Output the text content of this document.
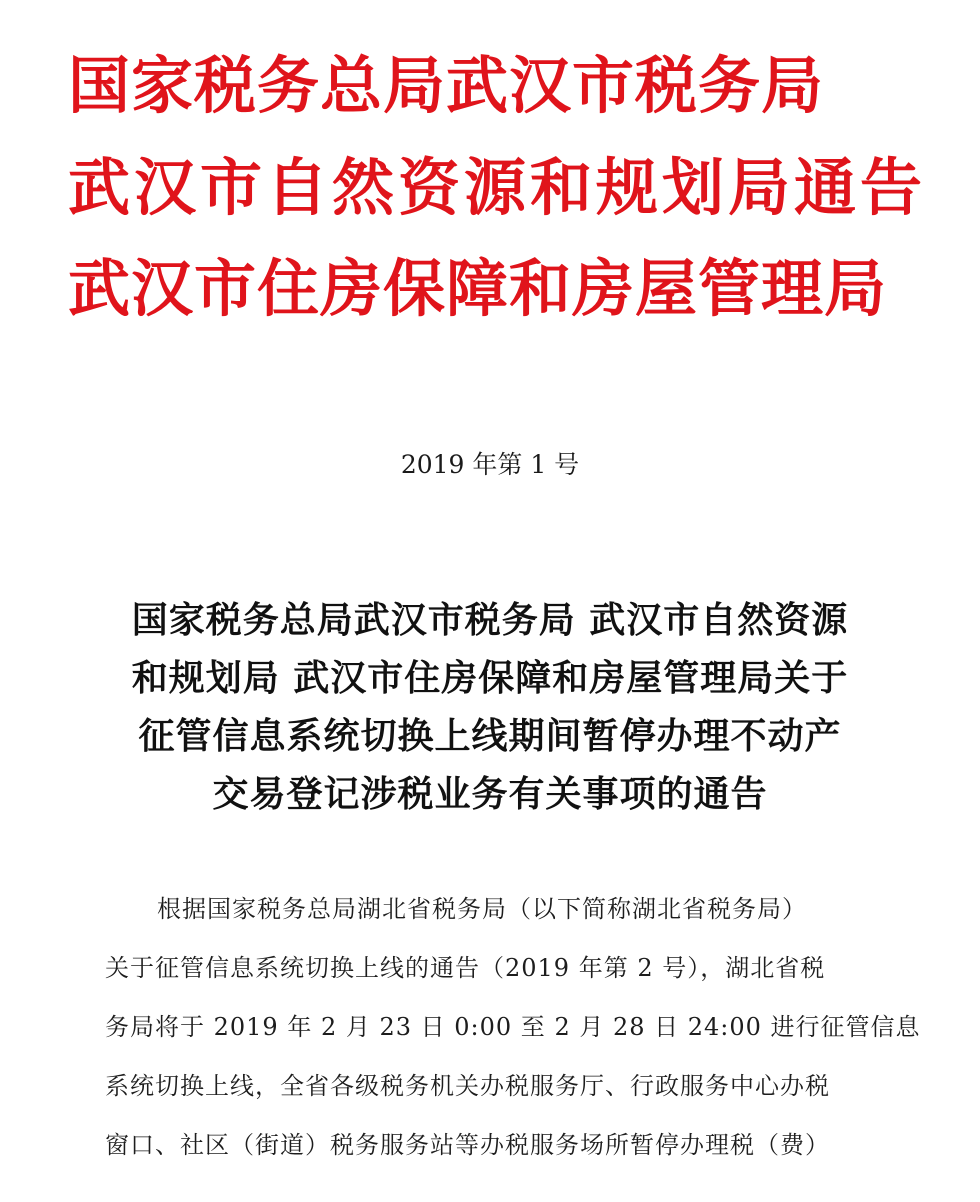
国家税务总局武汉市税务局
武汉市自然资源和规划局通告
武汉市住房保障和房屋管理局
2019 年第 1 号
国家税务总局武汉市税务局 武汉市自然资源
和规划局 武汉市住房保障和房屋管理局关于
征管信息系统切换上线期间暂停办理不动产
交易登记涉税业务有关事项的通告
根据国家税务总局湖北省税务局（以下简称湖北省税务局）
关于征管信息系统切换上线的通告（2019 年第 2 号），湖北省税
务局将于 2019 年 2 月 23 日 0:00 至 2 月 28 日 24:00 进行征管信息
系统切换上线，全省各级税务机关办税服务厅、行政服务中心办税
窗口、社区（街道）税务服务站等办税服务场所暂停办理税（费）
